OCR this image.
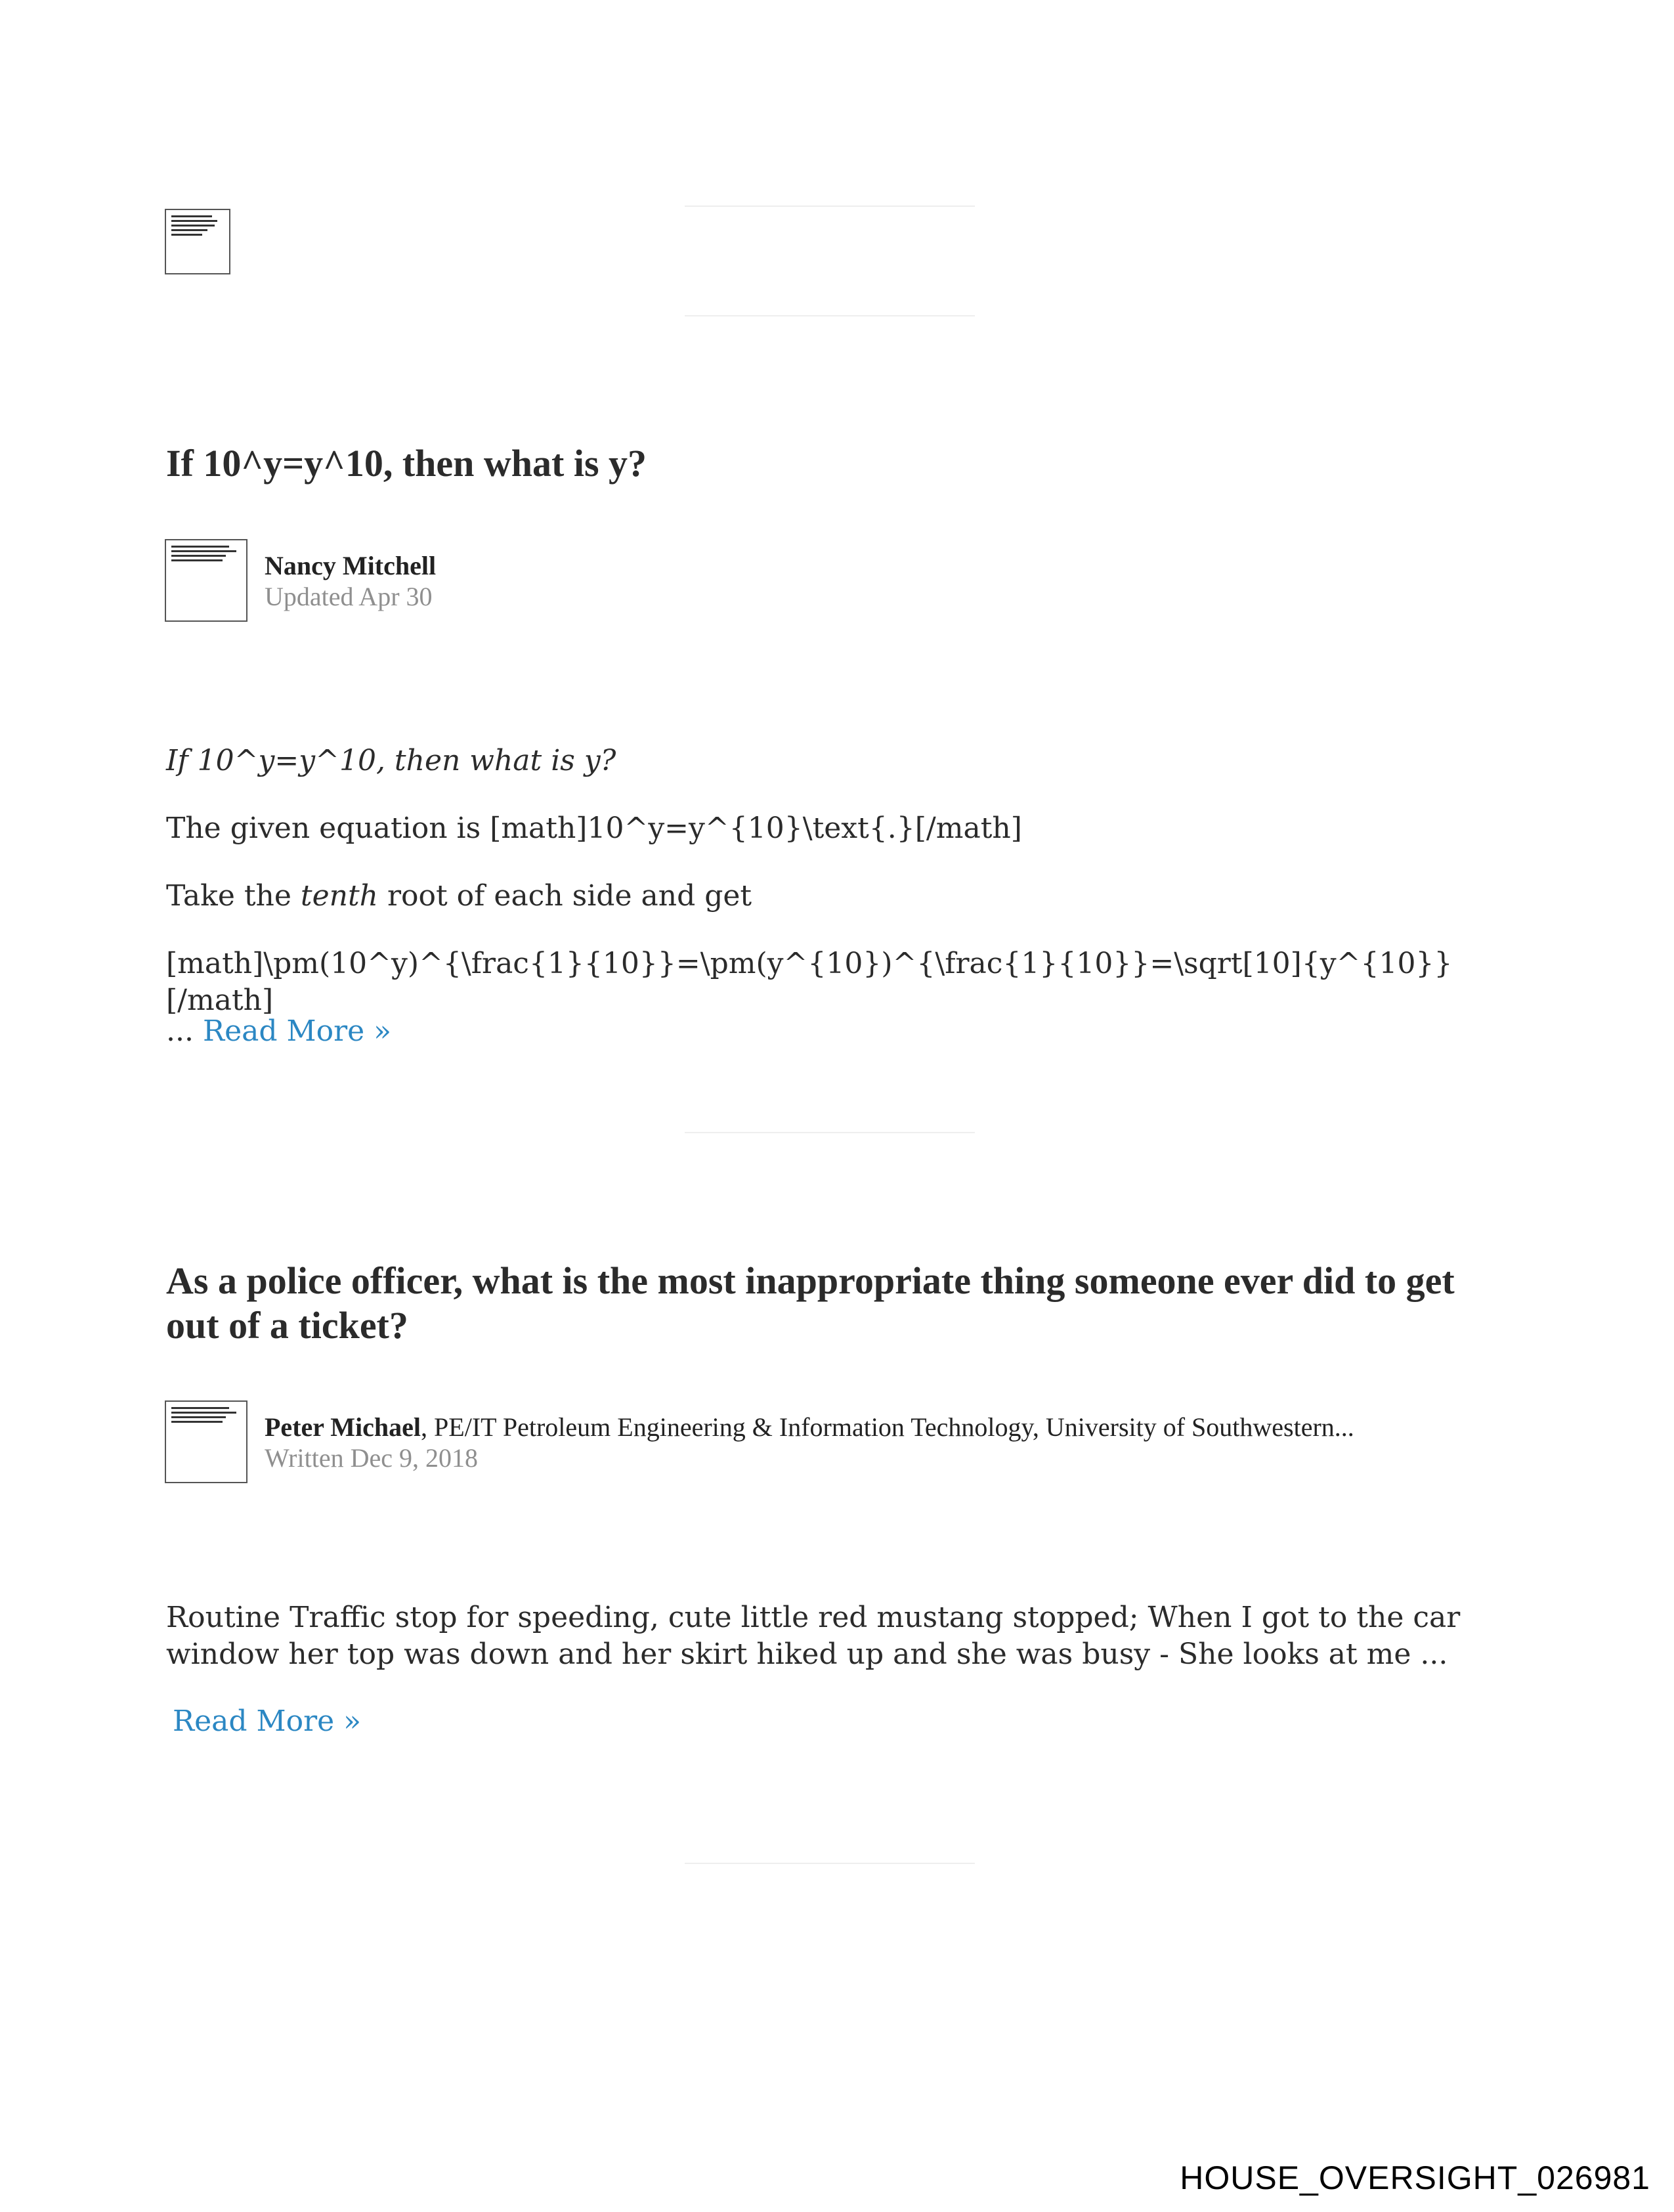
If 10^y=y^10, then what is y?
Nancy Mitchell
Updated Apr 30

If 10^y=y^10, then what is y?

The given equation is [math]10^y=y^{10}\text{.}[/math]

Take the tenth root of each side and get

[math]\pm(10^y)^{\frac{1}{10}}=\pm(y^{10})^{\frac{1}{10}}=\sqrt[10]{y^{10}} [/math]

... Read More »

As a police officer, what is the most inappropriate thing someone ever did to get out of a ticket?
Peter Michael, PE/IT Petroleum Engineering & Information Technology, University of Southwestern...
Written Dec 9, 2018

Routine Traffic stop for speeding, cute little red mustang stopped; When I got to the car window her top was down and her skirt hiked up and she was busy - She looks at me ...

Read More »

HOUSE_OVERSIGHT_026981
